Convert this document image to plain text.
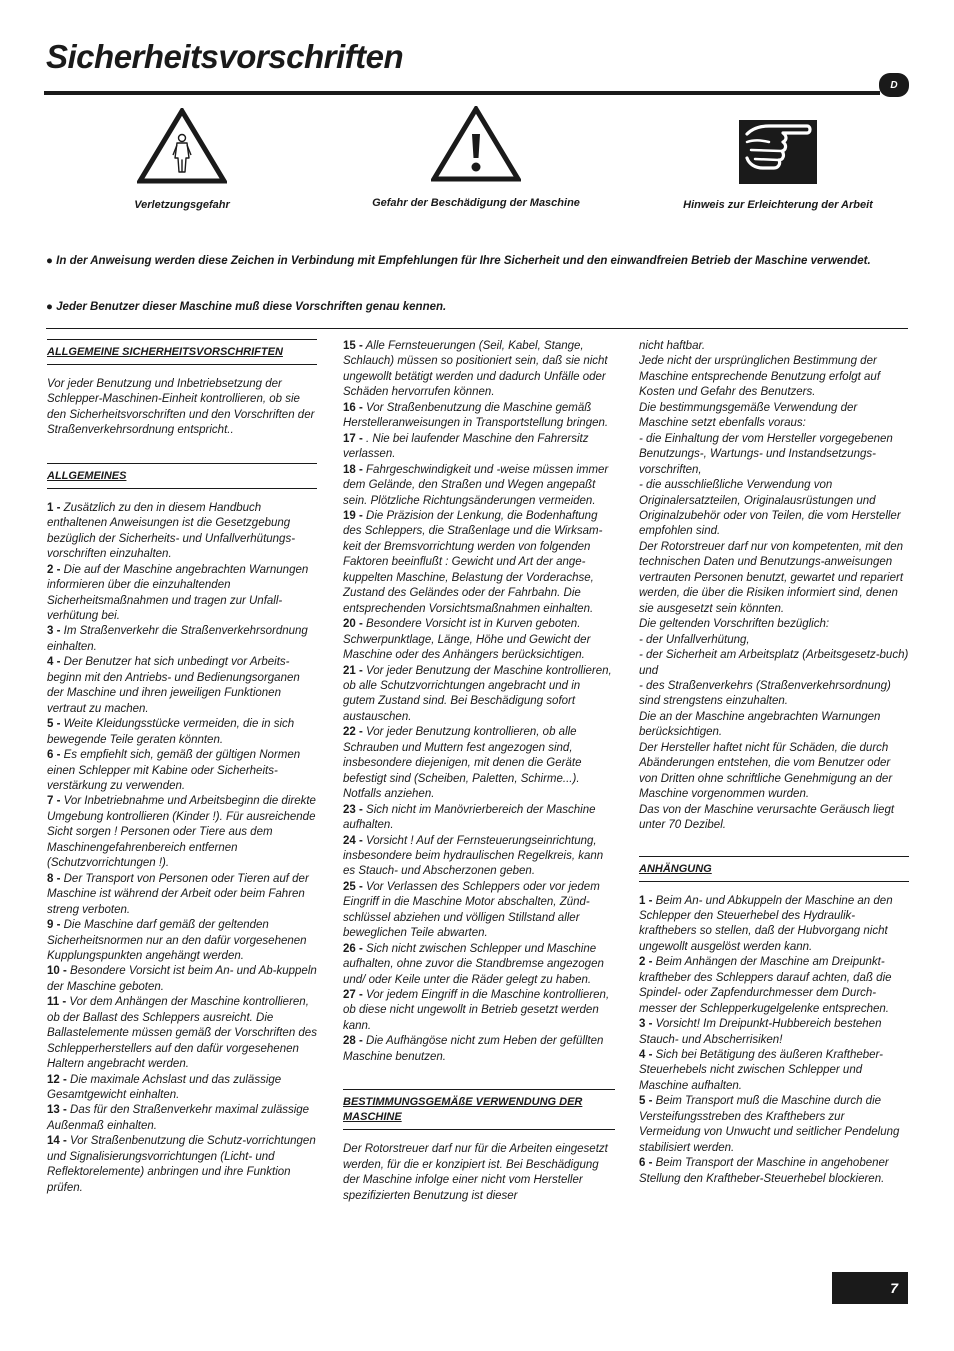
Sicherheitsvorschriften
D
Verletzungsgefahr	Gefahr der Beschädigung der Maschine	Hinweis zur Erleichterung der Arbeit
● In der Anweisung werden diese Zeichen in Verbindung mit Empfehlungen für Ihre Sicherheit und den einwandfreien Betrieb der Maschine verwendet.
● Jeder Benutzer dieser Maschine muß diese Vorschriften genau kennen.
ALLGEMEINE SICHERHEITSVORSCHRIFTEN

Vor jeder Benutzung und Inbetriebsetzung der Schlepper-Maschinen-Einheit kontrollieren, ob sie den Sicherheitsvorschriften und den Vorschriften der Straßenverkehrsordnung entspricht..

ALLGEMEINES

1 - Zusätzlich zu den in diesem Handbuch enthaltenen Anweisungen ist die Gesetzgebung bezüglich der Sicherheits- und Unfallverhütungs-vorschriften einzuhalten.

2 - Die auf der Maschine angebrachten Warnungen informieren über die einzuhaltenden Sicherheitsmaßnahmen und tragen zur Unfall-verhütung bei.

3 - Im Straßenverkehr die Straßenverkehrsordnung einhalten.

4 - Der Benutzer hat sich unbedingt vor Arbeits-beginn mit den Antriebs- und Bedienungsorganen der Maschine und ihren jeweiligen Funktionen vertraut zu machen.

5 - Weite Kleidungsstücke vermeiden, die in sich bewegende Teile geraten könnten.

6 - Es empfiehlt sich, gemäß der gültigen Normen einen Schlepper mit Kabine oder Sicherheits-verstärkung zu verwenden.

7 - Vor Inbetriebnahme und Arbeitsbeginn die direkte Umgebung kontrollieren (Kinder !). Für ausreichende Sicht sorgen ! Personen oder Tiere aus dem Maschinengefahrenbereich entfernen (Schutzvorrichtungen !).

8 - Der Transport von Personen oder Tieren auf der Maschine ist während der Arbeit oder beim Fahren streng verboten.

9 - Die Maschine darf gemäß der geltenden Sicherheitsnormen nur an den dafür vorgesehenen Kupplungspunkten angehängt werden.

10 - Besondere Vorsicht ist beim An- und Ab-kuppeln der Maschine geboten.

11 - Vor dem Anhängen der Maschine kontrollieren, ob der Ballast des Schleppers ausreicht. Die Ballastelemente müssen gemäß der Vorschriften des Schlepperherstellers auf den dafür vorgesehenen Haltern angebracht werden.

12 - Die maximale Achslast und das zulässige Gesamtgewicht einhalten.

13 - Das für den Straßenverkehr maximal zulässige Außenmaß einhalten.

14 - Vor Straßenbenutzung die Schutz-vorrichtungen und Signalisierungsvorrichtungen (Licht- und Reflektorelemente) anbringen und ihre Funktion prüfen.

15 - Alle Fernsteuerungen (Seil, Kabel, Stange, Schlauch) müssen so positioniert sein, daß sie nicht ungewollt betätigt werden und dadurch Unfälle oder Schäden hervorrufen können.

16 - Vor Straßenbenutzung die Maschine gemäß Herstelleranweisungen in Transportstellung bringen.

17 - . Nie bei laufender Maschine den Fahrersitz verlassen.

18 - Fahrgeschwindigkeit und -weise müssen immer dem Gelände, den Straßen und Wegen angepaßt sein. Plötzliche Richtungsänderungen vermeiden.

19 - Die Präzision der Lenkung, die Bodenhaftung des Schleppers, die Straßenlage und die Wirksam-keit der Bremsvorrichtung werden von folgenden Faktoren beeinflußt : Gewicht und Art der ange-kuppelten Maschine, Belastung der Vorderachse, Zustand des Geländes oder der Fahrbahn. Die entsprechenden Vorsichtsmaßnahmen einhalten.

20 - Besondere Vorsicht ist in Kurven geboten. Schwerpunktlage, Länge, Höhe und Gewicht der Maschine oder des Anhängers berücksichtigen.

21 - Vor jeder Benutzung der Maschine kontrollieren, ob alle Schutzvorrichtungen angebracht und in gutem Zustand sind. Bei Beschädigung sofort austauschen.

22 - Vor jeder Benutzung kontrollieren, ob alle Schrauben und Muttern fest angezogen sind, insbesondere diejenigen, mit denen die Geräte befestigt sind (Scheiben, Paletten, Schirme...). Notfalls anziehen.

23 - Sich nicht im Manövrierbereich der Maschine aufhalten.

24 - Vorsicht ! Auf der Fernsteuerungseinrichtung, insbesondere beim hydraulischen Regelkreis, kann es Stauch- und Abscherzonen geben.

25 - Vor Verlassen des Schleppers oder vor jedem Eingriff in die Maschine Motor abschalten, Zünd-schlüssel abziehen und völligen Stillstand aller beweglichen Teile abwarten.

26 - Sich nicht zwischen Schlepper und Maschine aufhalten, ohne zuvor die Standbremse angezogen und/ oder Keile unter die Räder gelegt zu haben.

27 - Vor jedem Eingriff in die Maschine kontrollieren, ob diese nicht ungewollt in Betrieb gesetzt werden kann.

28 - Die Aufhängöse nicht zum Heben der gefüllten Maschine benutzen.

BESTIMMUNGSGEMÄßE VERWENDUNG DER MASCHINE

Der Rotorstreuer darf nur für die Arbeiten eingesetzt werden, für die er konzipiert ist. Bei Beschädigung der Maschine infolge einer nicht vom Hersteller spezifizierten Benutzung ist dieser

nicht haftbar.

Jede nicht der ursprünglichen Bestimmung der Maschine entsprechende Benutzung erfolgt auf Kosten und Gefahr des Benutzers.

Die bestimmungsgemäße Verwendung der Maschine setzt ebenfalls voraus:

- die Einhaltung der vom Hersteller vorgegebenen Benutzungs-, Wartungs- und Instandsetzungs-vorschriften,

- die ausschließliche Verwendung von Originalersatzteilen, Originalausrüstungen und Originalzubehör oder von Teilen, die vom Hersteller empfohlen sind.

Der Rotorstreuer darf nur von kompetenten, mit den technischen Daten und Benutzungs-anweisungen vertrauten Personen benutzt, gewartet und repariert werden, die über die Risiken informiert sind, denen sie ausgesetzt sein könnten.

Die geltenden Vorschriften bezüglich:

- der Unfallverhütung,

- der Sicherheit am Arbeitsplatz (Arbeitsgesetz-buch) und

- des Straßenverkehrs (Straßenverkehrsordnung) sind strengstens einzuhalten.

Die an der Maschine angebrachten Warnungen berücksichtigen.

Der Hersteller haftet nicht für Schäden, die durch Abänderungen entstehen, die vom Benutzer oder von Dritten ohne schriftliche Genehmigung an der Maschine vorgenommen wurden.

Das von der Maschine verursachte Geräusch liegt unter 70 Dezibel.

ANHÄNGUNG

1 - Beim An- und Abkuppeln der Maschine an den Schlepper den Steuerhebel des Hydraulik-krafthebers so stellen, daß der Hubvorgang nicht ungewollt ausgelöst werden kann.

2 - Beim Anhängen der Maschine am Dreipunkt-kraftheber des Schleppers darauf achten, daß die Spindel- oder Zapfendurchmesser dem Durch-messer der Schlepperkugelgelenke entsprechen.

3 - Vorsicht! Im Dreipunkt-Hubbereich bestehen Stauch- und Abscherrisiken!

4 - Sich bei Betätigung des äußeren Kraftheber-Steuerhebels nicht zwischen Schlepper und Maschine aufhalten.

5 - Beim Transport muß die Maschine durch die Versteifungsstreben des Krafthebers zur Vermeidung von Unwucht und seitlicher Pendelung stabilisiert werden.

6 - Beim Transport der Maschine in angehobener Stellung den Kraftheber-Steuerhebel blockieren.

7
